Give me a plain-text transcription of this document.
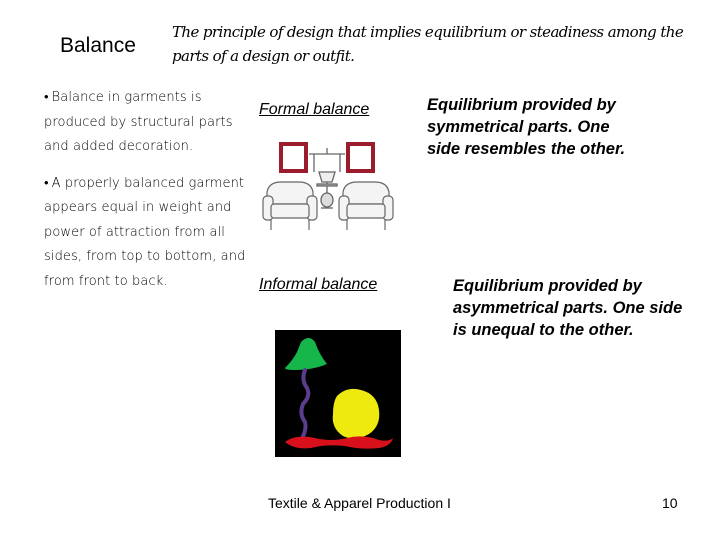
Balance
The principle of design that implies equilibrium or steadiness among the parts of a design or outfit.
• Balance in garments is produced by structural parts and added decoration.
• A properly balanced garment appears equal in weight and power of attraction from all sides, from top to bottom, and from front to back.
Formal balance	Equilibrium provided by symmetrical parts. One side resembles the other.
Informal balance	Equilibrium provided by asymmetrical parts. One side is unequal to the other.
Textile & Apparel Production I	10
